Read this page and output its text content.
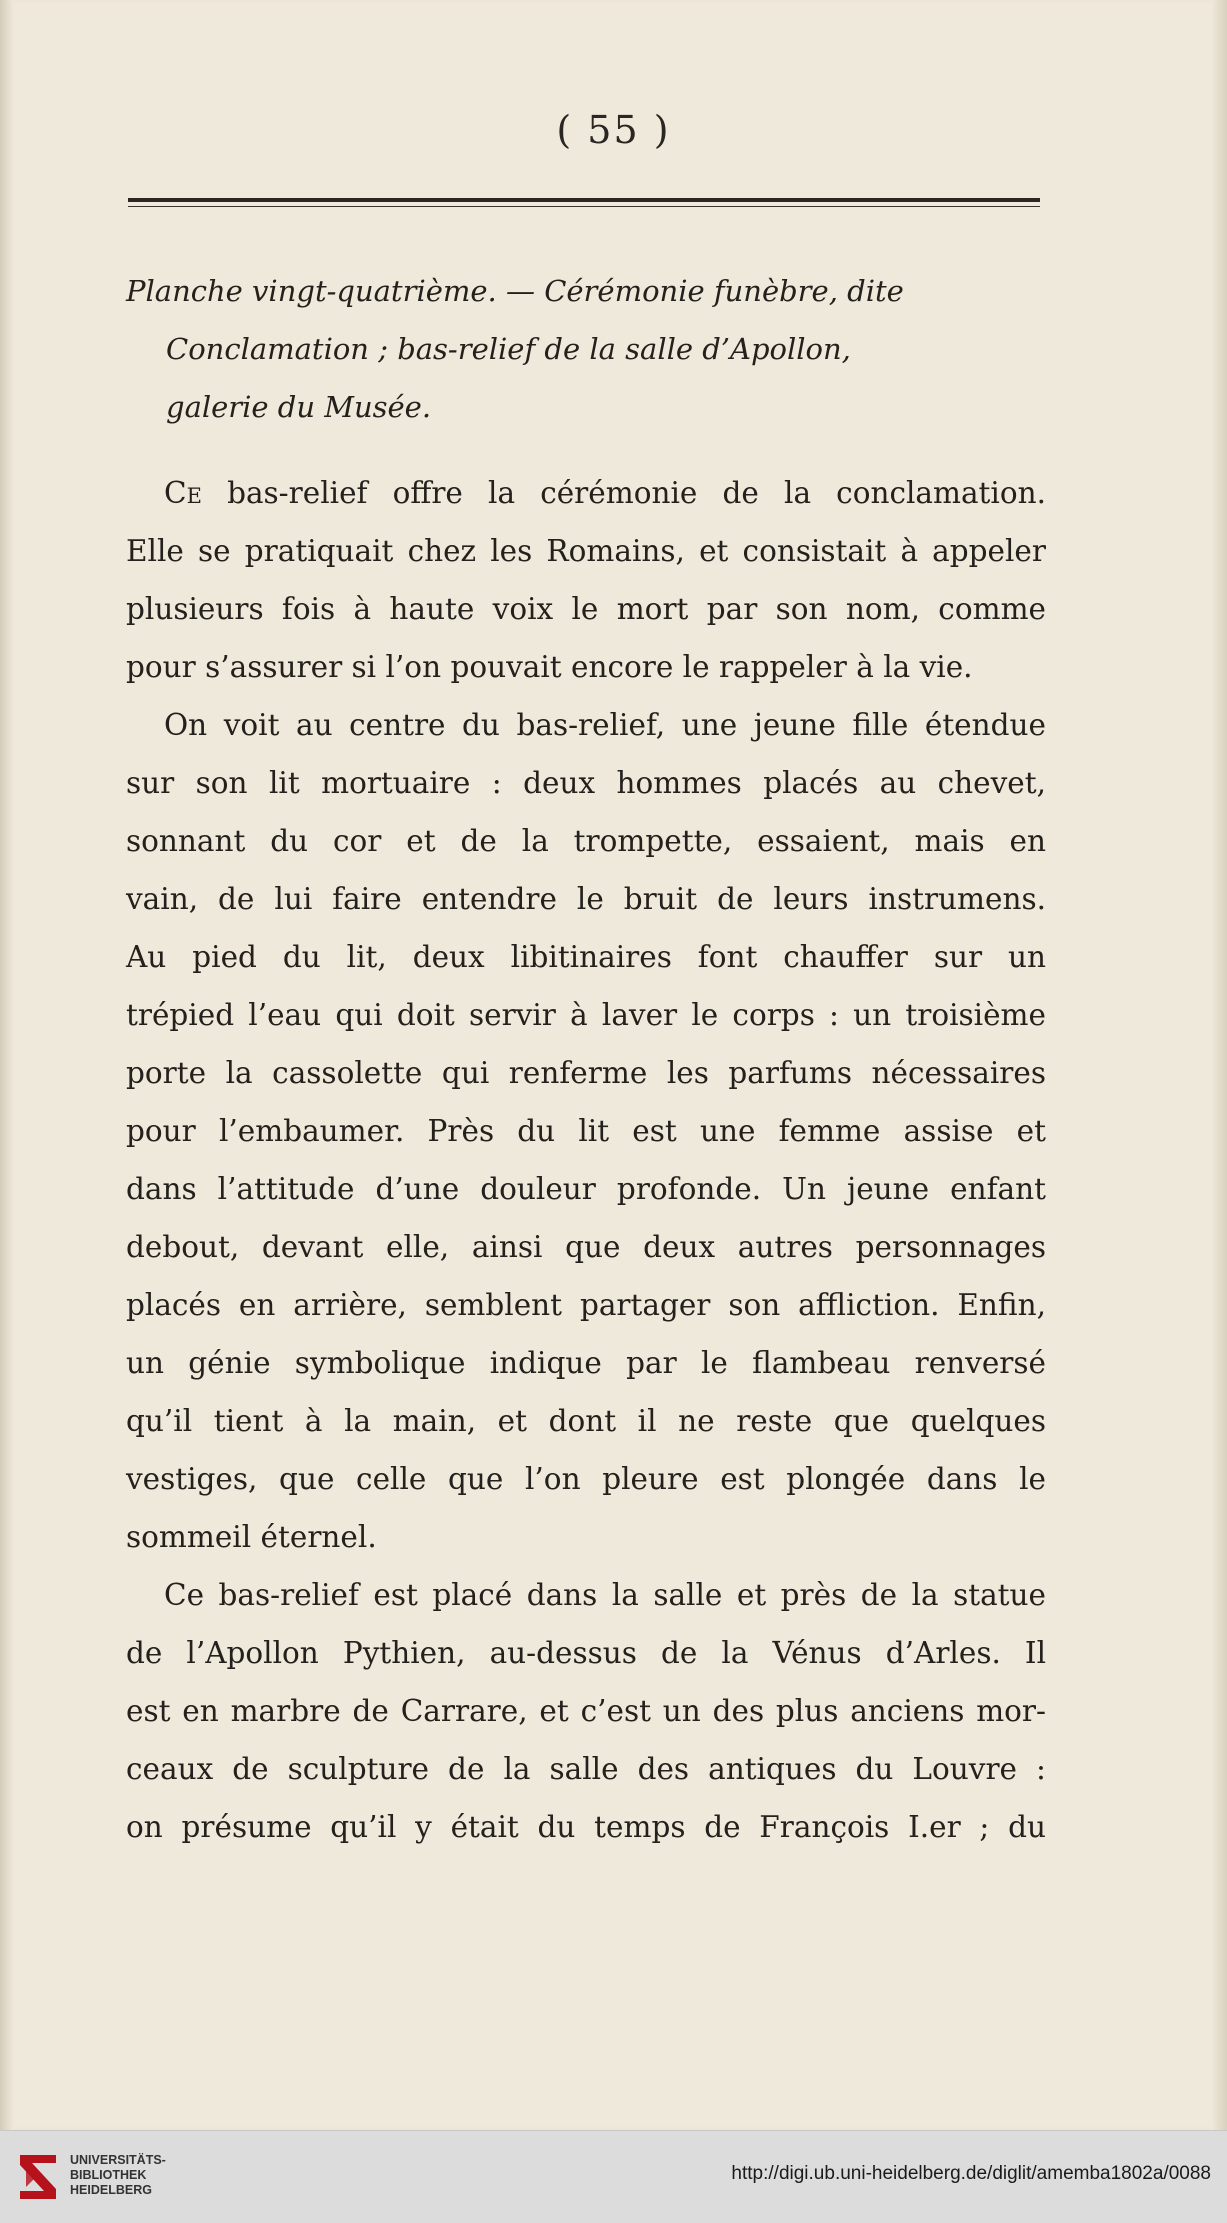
( 55 )
Planche vingt-quatrième. — Cérémonie funèbre, dite
Conclamation ; bas-relief de la salle d’Apollon,
galerie du Musée.
Ce bas-relief offre la cérémonie de la conclamation.
Elle se pratiquait chez les Romains, et consistait à appeler
plusieurs fois à haute voix le mort par son nom, comme
pour s’assurer si l’on pouvait encore le rappeler à la vie.
On voit au centre du bas-relief, une jeune fille étendue
sur son lit mortuaire : deux hommes placés au chevet,
sonnant du cor et de la trompette, essaient, mais en
vain, de lui faire entendre le bruit de leurs instrumens.
Au pied du lit, deux libitinaires font chauffer sur un
trépied l’eau qui doit servir à laver le corps : un troisième
porte la cassolette qui renferme les parfums nécessaires
pour l’embaumer. Près du lit est une femme assise et
dans l’attitude d’une douleur profonde. Un jeune enfant
debout, devant elle, ainsi que deux autres personnages
placés en arrière, semblent partager son affliction. Enfin,
un génie symbolique indique par le flambeau renversé
qu’il tient à la main, et dont il ne reste que quelques
vestiges, que celle que l’on pleure est plongée dans le
sommeil éternel.
Ce bas-relief est placé dans la salle et près de la statue
de l’Apollon Pythien, au-dessus de la Vénus d’Arles. Il
est en marbre de Carrare, et c’est un des plus anciens mor-
ceaux de sculpture de la salle des antiques du Louvre :
on présume qu’il y était du temps de François I.er ; du
UNIVERSITÄTS-
BIBLIOTHEK
HEIDELBERG
http://digi.ub.uni-heidelberg.de/diglit/amemba1802a/0088
